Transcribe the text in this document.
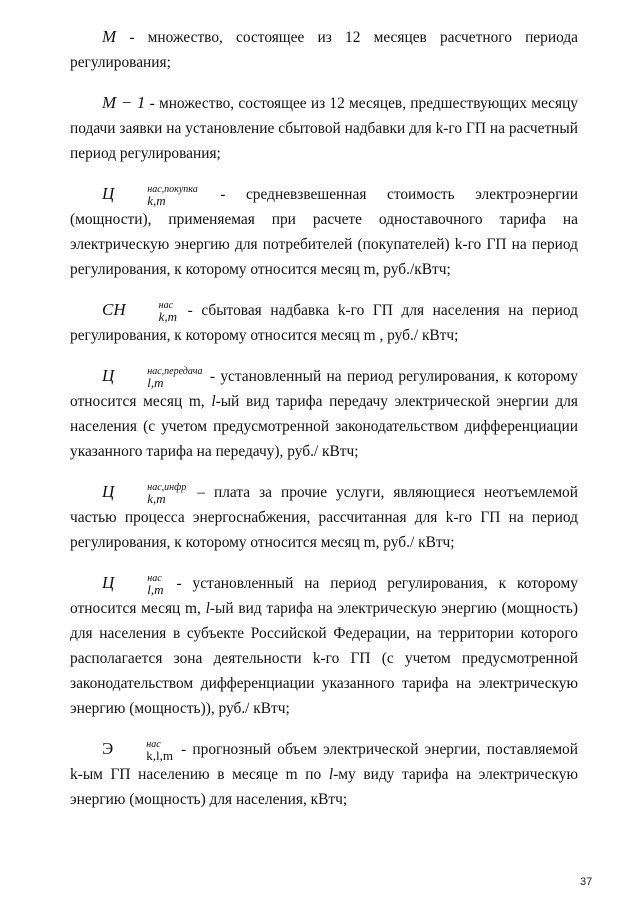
M - множество, состоящее из 12 месяцев расчетного периода регулирования;

M − 1 - множество, состоящее из 12 месяцев, предшествующих месяцу подачи заявки на установление сбытовой надбавки для k-го ГП на расчетный период регулирования;

Ц	нас,покупка
k,m	- средневзвешенная стоимость электроэнергии (мощности), применяемая при расчете одноставочного тарифа на электрическую энергию для потребителей (покупателей) k-го ГП на период регулирования, к которому относится месяц m, руб./кВтч;

СН	нас
k,m - сбытовая надбавка k-го ГП для населения на период регулирования, к которому относится месяц m , руб./ кВтч;

Ц	нас,передача
l,m	- установленный на период регулирования, к которому относится месяц m, l-ый вид тарифа передачу электрической энергии для населения (с учетом предусмотренной законодательством дифференциации указанного тарифа на передачу), руб./ кВтч;

Ц	нас,инфр
k,m	– плата за прочие услуги, являющиеся неотъемлемой частью процесса энергоснабжения, рассчитанная для k-го ГП на период регулирования, к которому относится месяц m, руб./ кВтч;

Ц	нас
l,m - установленный на период регулирования, к которому относится месяц m, l-ый вид тарифа на электрическую энергию (мощность) для населения в субъекте Российской Федерации, на территории которого располагается зона деятельности k-го ГП (с учетом предусмотренной законодательством дифференциации указанного тарифа на электрическую энергию (мощность)), руб./ кВтч;

Э	нас
k,l,m - прогнозный объем электрической энергии, поставляемой k-ым ГП населению в месяце m по l-му виду тарифа на электрическую энергию (мощность) для населения, кВтч;

37
